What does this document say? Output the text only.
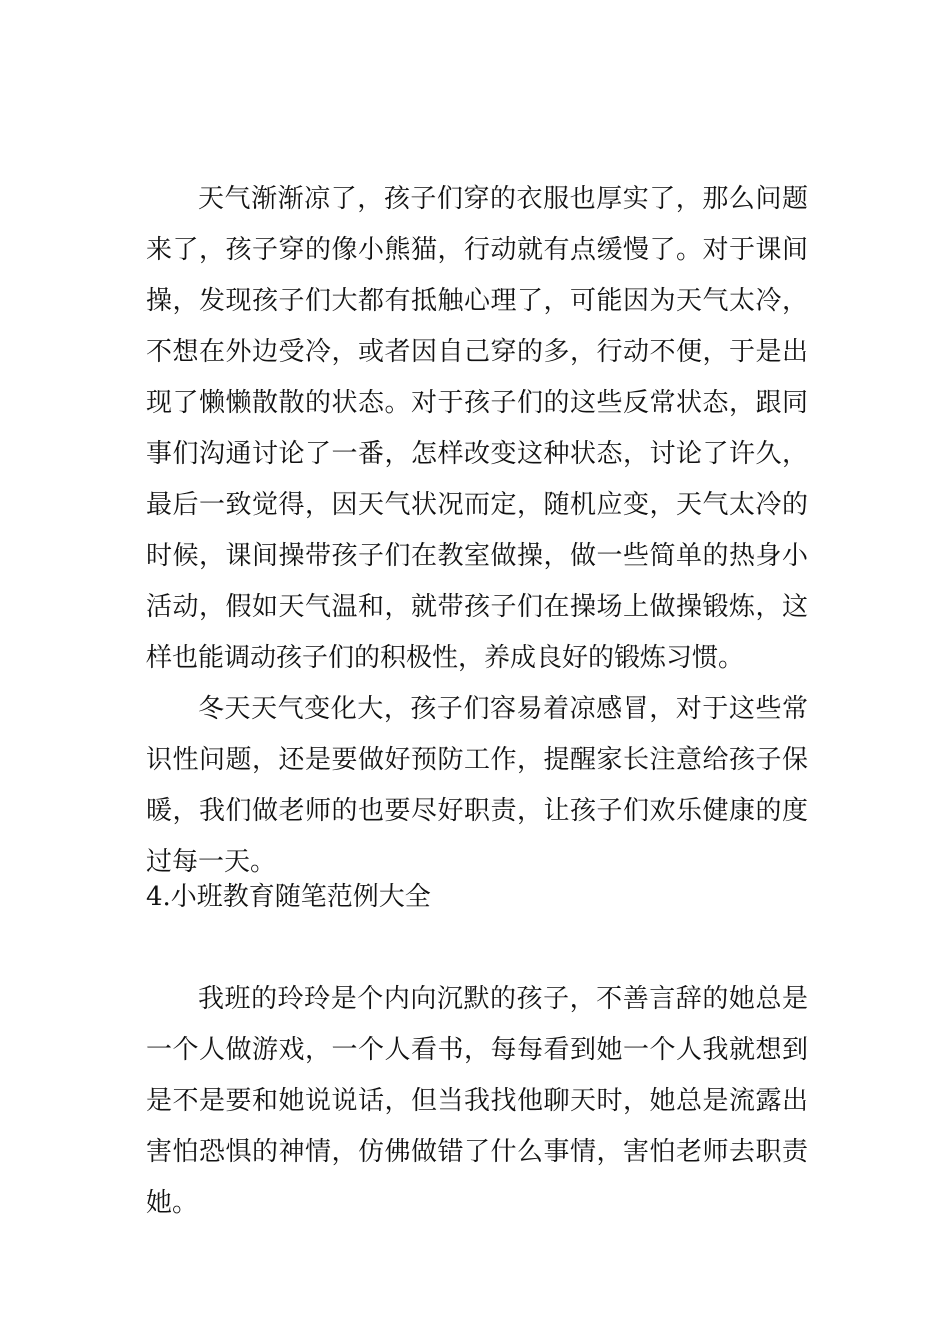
天气渐渐凉了，孩子们穿的衣服也厚实了，那么问题来了，孩子穿的像小熊猫，行动就有点缓慢了。对于课间操，发现孩子们大都有抵触心理了，可能因为天气太冷，不想在外边受冷，或者因自己穿的多，行动不便，于是出现了懒懒散散的状态。对于孩子们的这些反常状态，跟同事们沟通讨论了一番，怎样改变这种状态，讨论了许久，最后一致觉得，因天气状况而定，随机应变，天气太冷的时候，课间操带孩子们在教室做操，做一些简单的热身小活动，假如天气温和，就带孩子们在操场上做操锻炼，这样也能调动孩子们的积极性，养成良好的锻炼习惯。

冬天天气变化大，孩子们容易着凉感冒，对于这些常识性问题，还是要做好预防工作，提醒家长注意给孩子保暖，我们做老师的也要尽好职责，让孩子们欢乐健康的度过每一天。

4.小班教育随笔范例大全

我班的玲玲是个内向沉默的孩子，不善言辞的她总是一个人做游戏，一个人看书，每每看到她一个人我就想到是不是要和她说说话，但当我找他聊天时，她总是流露出害怕恐惧的神情，仿佛做错了什么事情，害怕老师去职责她。
